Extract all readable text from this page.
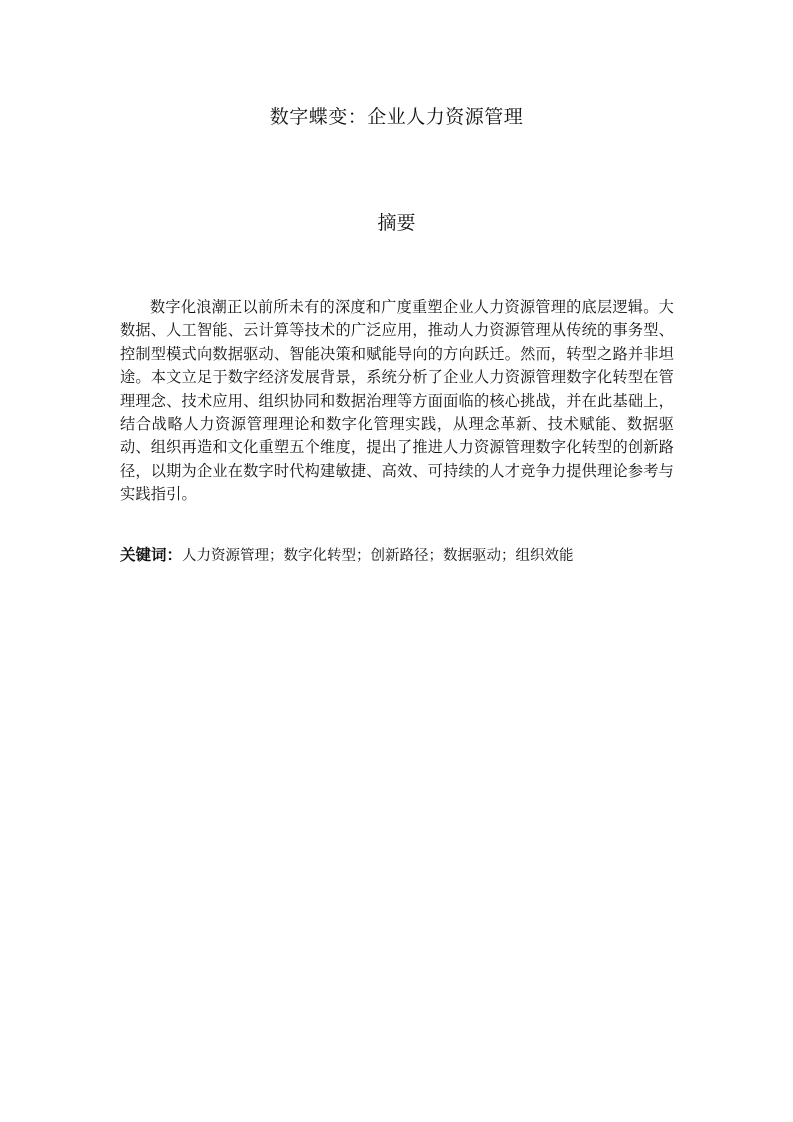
数字蝶变：企业人力资源管理
摘要

数字化浪潮正以前所未有的深度和广度重塑企业人力资源管理的底层逻辑。大数据、人工智能、云计算等技术的广泛应用，推动人力资源管理从传统的事务型、控制型模式向数据驱动、智能决策和赋能导向的方向跃迁。然而，转型之路并非坦途。本文立足于数字经济发展背景，系统分析了企业人力资源管理数字化转型在管理理念、技术应用、组织协同和数据治理等方面面临的核心挑战，并在此基础上，结合战略人力资源管理理论和数字化管理实践，从理念革新、技术赋能、数据驱动、组织再造和文化重塑五个维度，提出了推进人力资源管理数字化转型的创新路径，以期为企业在数字时代构建敏捷、高效、可持续的人才竞争力提供理论参考与实践指引。

关键词：人力资源管理；数字化转型；创新路径；数据驱动；组织效能
